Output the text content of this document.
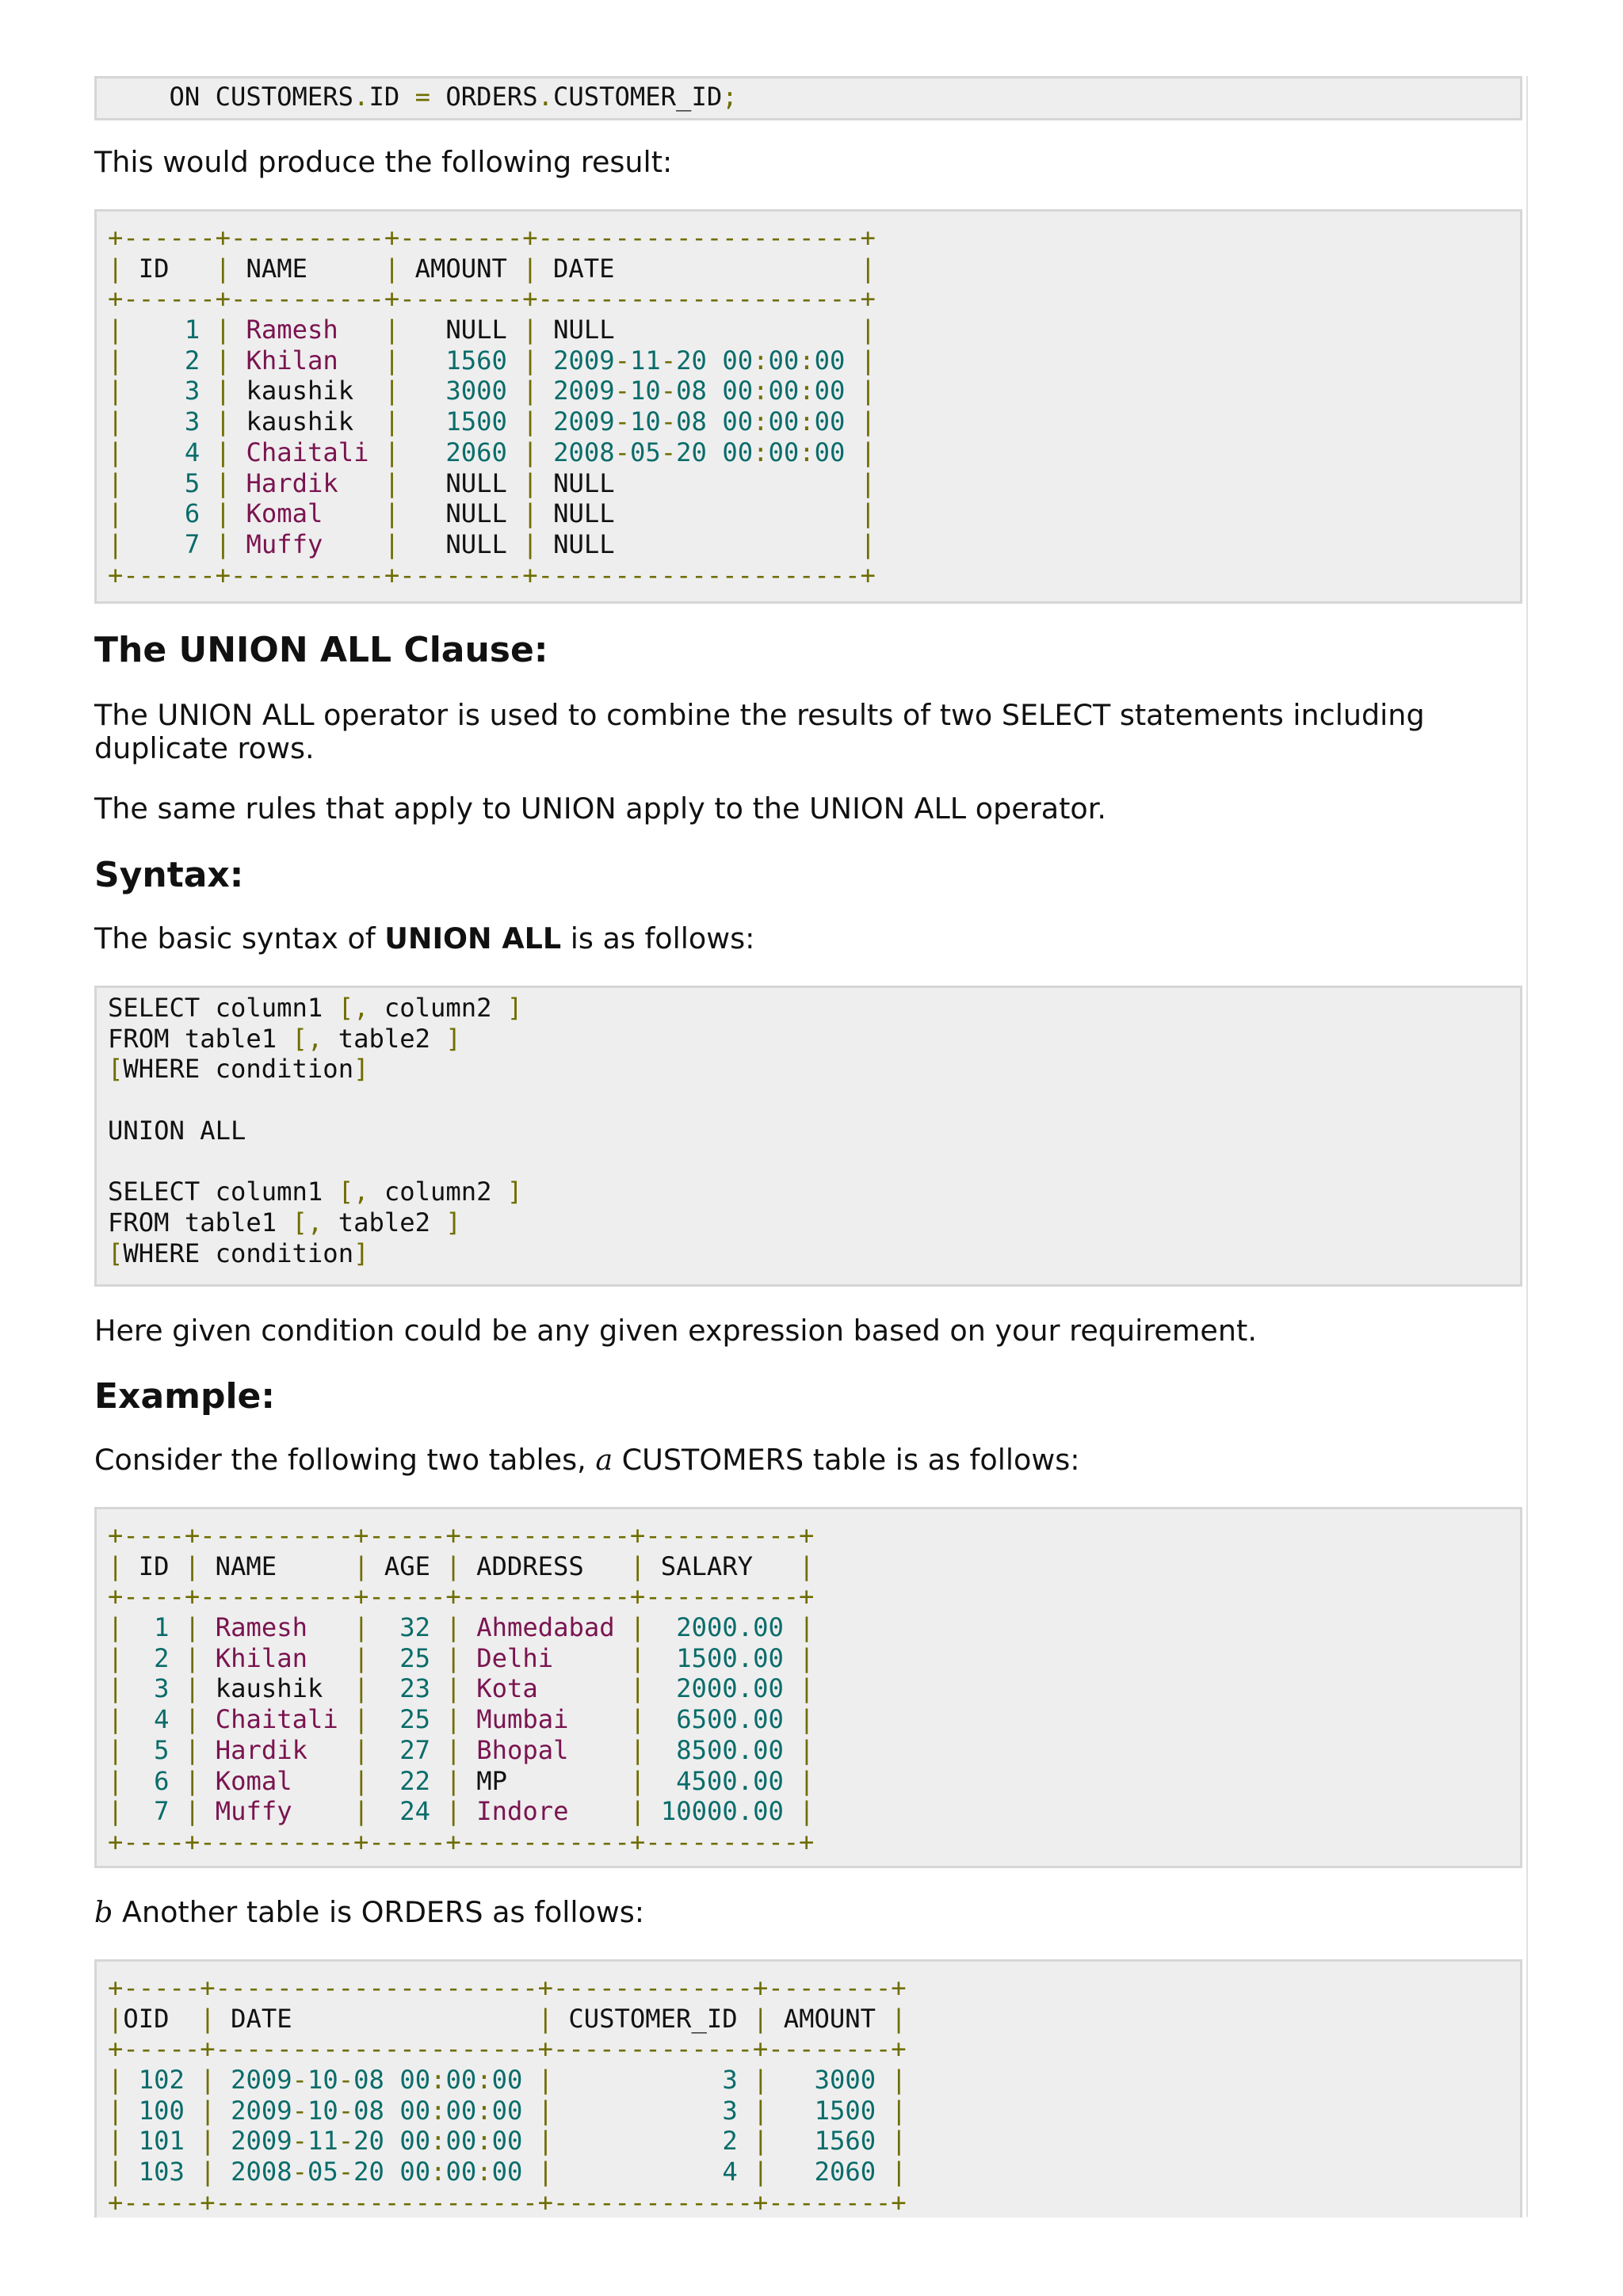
ON CUSTOMERS.ID = ORDERS.CUSTOMER_ID;

This would produce the following result:

+------+----------+--------+---------------------+
| ID   | NAME     | AMOUNT | DATE                |
+------+----------+--------+---------------------+
| 1 | Ramesh |   NULL | NULL                |
| 2 | Khilan | 1560 | 2009-11-20 00:00:00 |
| 3 | kaushik  | 3000 | 2009-10-08 00:00:00 |
| 3 | kaushik  | 1500 | 2009-10-08 00:00:00 |
| 4 | Chaitali | 2060 | 2008-05-20 00:00:00 |
| 5 | Hardik |   NULL | NULL                |
| 6 | Komal |   NULL | NULL                |
| 7 | Muffy |   NULL | NULL                |
+------+----------+--------+---------------------+
The UNION ALL Clause:

The UNION ALL operator is used to combine the results of two SELECT statements including duplicate rows.

The same rules that apply to UNION apply to the UNION ALL operator.

Syntax:

The basic syntax of UNION ALL is as follows:

SELECT column1 [, column2 ]
FROM table1 [, table2 ]
[WHERE condition]
UNION ALL
SELECT column1 [, column2 ]
FROM table1 [, table2 ]
[WHERE condition]

Here given condition could be any given expression based on your requirement.

Example:

Consider the following two tables, a CUSTOMERS table is as follows:

+----+----------+-----+-----------+----------+
| ID | NAME     | AGE | ADDRESS   | SALARY   |
+----+----------+-----+-----------+----------+
| 1 | Ramesh | 32 | Ahmedabad | 2000.00 |
| 2 | Khilan | 25 | Delhi	| 1500.00 |
| 3 | kaushik  | 23 | Kota	| 2000.00 |
| 4 | Chaitali | 25 | Mumbai | 6500.00 |
| 5 | Hardik | 27 | Bhopal | 8500.00 |
| 6 | Komal | 22 | MP        | 4500.00 |
| 7 | Muffy | 24 | Indore | 10000.00 |
+----+----------+-----+-----------+----------+

b Another table is ORDERS as follows:

+-----+---------------------+-------------+--------+
|OID  | DATE                | CUSTOMER_ID | AMOUNT |
+-----+---------------------+-------------+--------+
| 102 | 2009-10-08 00:00:00 |	3 | 3000 |
| 100 | 2009-10-08 00:00:00 |	3 | 1500 |
| 101 | 2009-11-20 00:00:00 |	2 | 1560 |
| 103 | 2008-05-20 00:00:00 |	4 | 2060 |
+-----+---------------------+-------------+--------+
